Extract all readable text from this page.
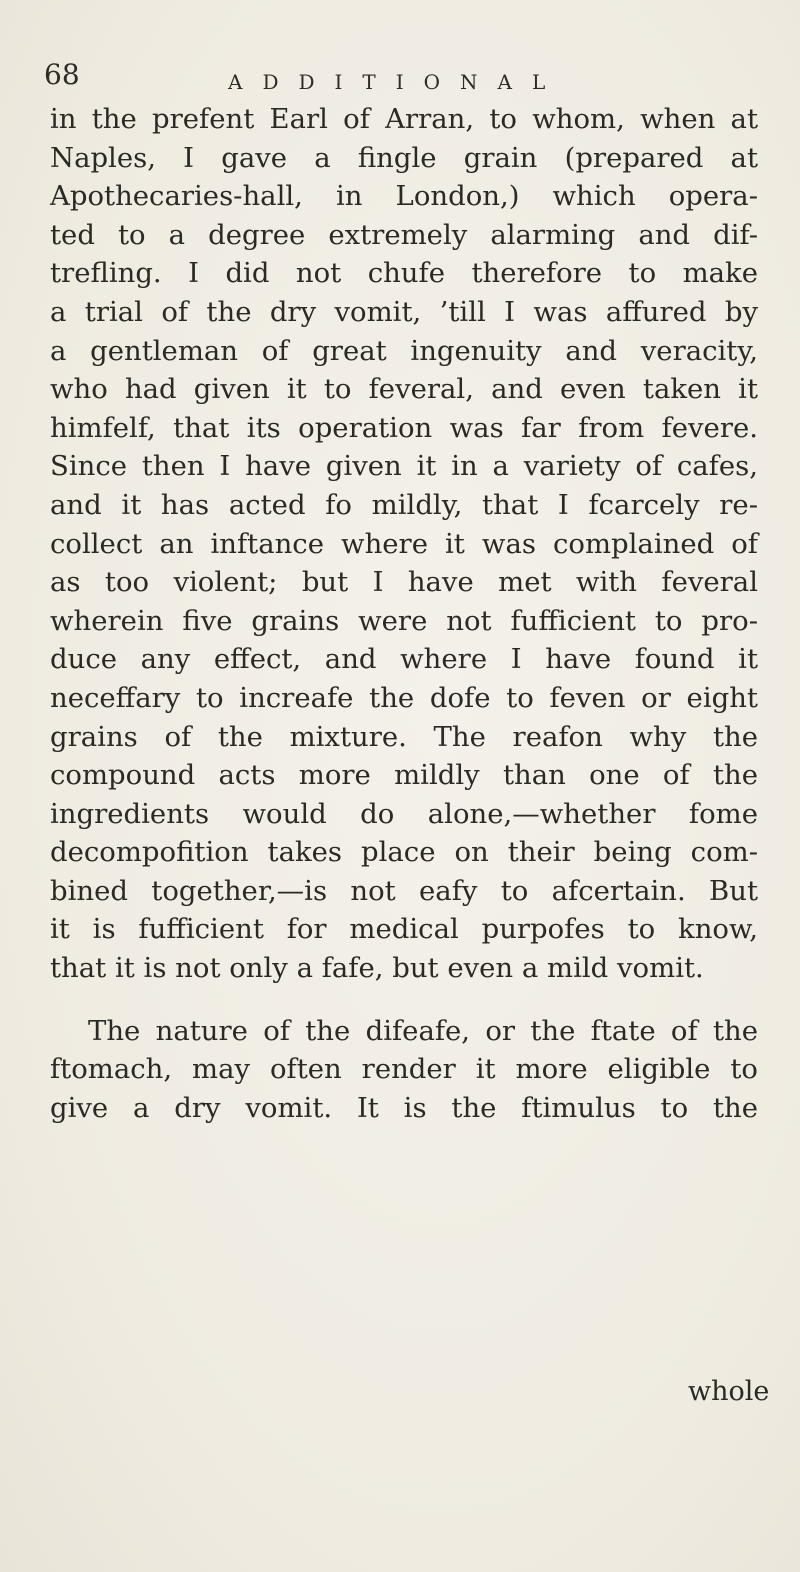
68	ADDITIONAL
in the prefent Earl of Arran, to whom, when at
Naples, I gave a fingle grain (prepared at
Apothecaries-hall, in London,) which opera-
ted to a degree extremely alarming and dif-
trefling. I did not chufe therefore to make
a trial of the dry vomit, ’till I was affured by
a gentleman of great ingenuity and veracity,
who had given it to feveral, and even taken it
himfelf, that its operation was far from fevere.
Since then I have given it in a variety of cafes,
and it has acted fo mildly, that I fcarcely re-
collect an inftance where it was complained of
as too violent; but I have met with feveral
wherein five grains were not fufficient to pro-
duce any effect, and where I have found it
neceffary to increafe the dofe to feven or eight
grains of the mixture. The reafon why the
compound acts more mildly than one of the
ingredients would do alone,—whether fome
decompofition takes place on their being com-
bined together,—is not eafy to afcertain. But
it is fufficient for medical purpofes to know,
that it is not only a fafe, but even a mild vomit.
The nature of the difeafe, or the ftate of the
ftomach, may often render it more eligible to
give a dry vomit. It is the ftimulus to the
whole
